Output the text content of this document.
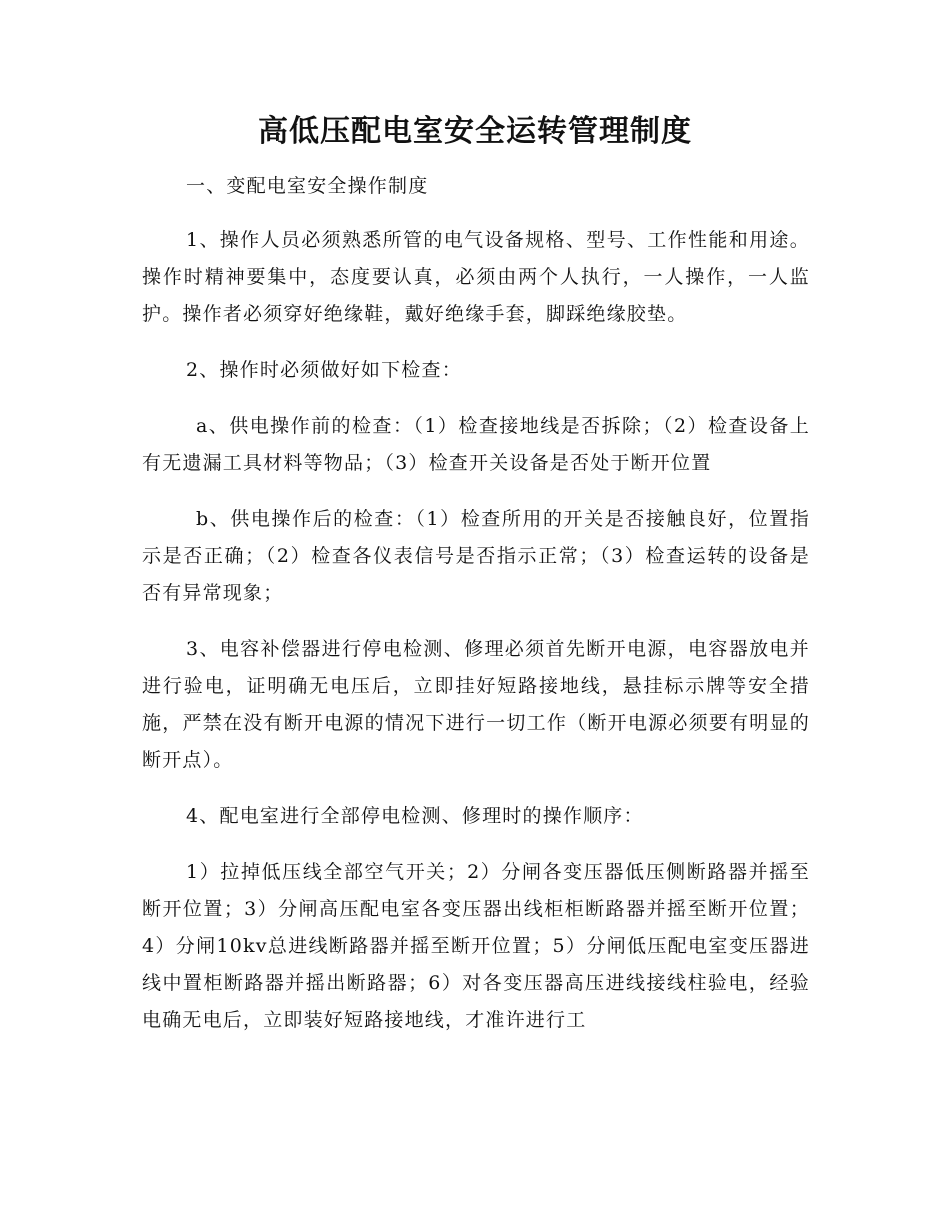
高低压配电室安全运转管理制度

一、变配电室安全操作制度

1、操作人员必须熟悉所管的电气设备规格、型号、工作性能和用途。操作时精神要集中，态度要认真，必须由两个人执行，一人操作，一人监护。操作者必须穿好绝缘鞋，戴好绝缘手套，脚踩绝缘胶垫。

2、操作时必须做好如下检查：

a、供电操作前的检查：（1）检查接地线是否拆除；（2）检查设备上有无遗漏工具材料等物品；（3）检查开关设备是否处于断开位置

b、供电操作后的检查：（1）检查所用的开关是否接触良好，位置指示是否正确；（2）检查各仪表信号是否指示正常；（3）检查运转的设备是否有异常现象；

3、电容补偿器进行停电检测、修理必须首先断开电源，电容器放电并进行验电，证明确无电压后，立即挂好短路接地线，悬挂标示牌等安全措施，严禁在没有断开电源的情况下进行一切工作（断开电源必须要有明显的断开点）。

4、配电室进行全部停电检测、修理时的操作顺序：

1）拉掉低压线全部空气开关；2）分闸各变压器低压侧断路器并摇至断开位置；3）分闸高压配电室各变压器出线柜柜断路器并摇至断开位置；4）分闸10kv总进线断路器并摇至断开位置；5）分闸低压配电室变压器进线中置柜断路器并摇出断路器；6）对各变压器高压进线接线柱验电，经验电确无电后，立即装好短路接地线，才准许进行工
